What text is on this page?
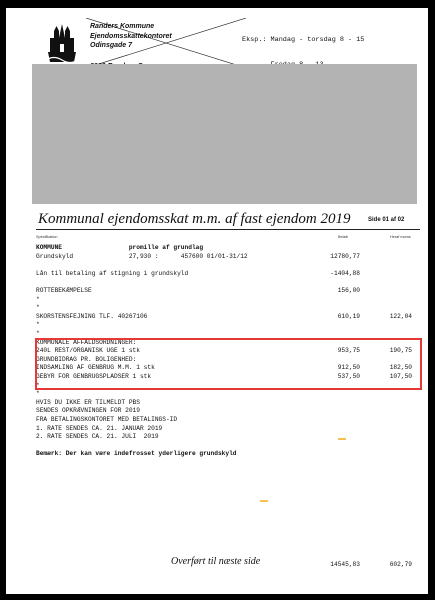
Randers Kommune
Ejendomsskattekontoret
Odinsgade 7

Eksp.: Mandag - torsdag 8 - 15

Kommunal ejendomsskat m.m. af fast ejendom 2019	Side 01 af 02
Specifikation	Beløb	Heraf moms
KOMMUNE                  promille af grundlag
Grundskyld               27,930 :      457600 01/01-31/12	12780,77
Lån til betaling af stigning i grundskyld	-1404,88
ROTTEBEKÆMPELSE	156,00
*
*
SKORSTENSFEJNING TLF. 40267106	610,19	122,04
*
*
KOMMUNALE AFFALDSORDNINGER:
240L REST/ORGANISK UGE 1 stk	953,75	190,75
GRUNDBIDRAG PR. BOLIGENHED:
INDSAMLING AF GENBRUG M.M. 1 stk	912,50	182,50
GEBYR FOR GENBRUGSPLADSER 1 stk	537,50	107,50
*
*
HVIS DU IKKE ER TILMELDT PBS
SENDES OPKRÆVNINGEN FOR 2019
FRA BETALINGSKONTORET MED BETALINGS-ID
1. RATE SENDES CA. 21. JANUAR 2019
2. RATE SENDES CA. 21. JULI  2019
Bemærk: Der kan være indefrosset yderligere grundskyld
Overført til næste side	14545,83	602,79
